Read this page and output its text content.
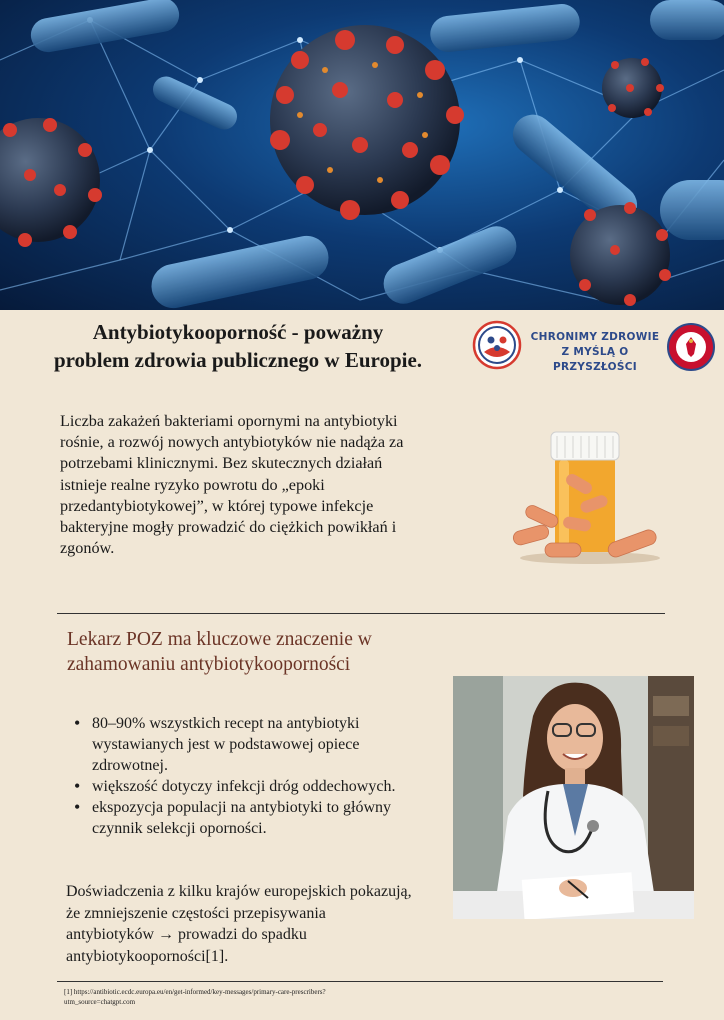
Antybiotykooporność - poważny
problem zdrowia publicznego w Europie.
CHRONIMY ZDROWIE
Z MYŚLĄ O PRZYSZŁOŚCI
Liczba zakażeń bakteriami opornymi na antybiotyki rośnie, a rozwój nowych antybiotyków nie nadąża za potrzebami klinicznymi. Bez skutecznych działań istnieje realne ryzyko powrotu do „epoki przedantybiotykowej”, w której typowe infekcje bakteryjne mogły prowadzić do ciężkich powikłań i zgonów.
Lekarz POZ ma kluczowe znaczenie w zahamowaniu antybiotykooporności
• 80–90% wszystkich recept na antybiotyki wystawianych jest w podstawowej opiece zdrowotnej.
• większość dotyczy infekcji dróg oddechowych.
• ekspozycja populacji na antybiotyki to główny czynnik selekcji oporności.
Doświadczenia z kilku krajów europejskich pokazują, że zmniejszenie częstości przepisywania antybiotyków → prowadzi do spadku antybiotykooporności[1].
[1] https://antibiotic.ecdc.europa.eu/en/get-informed/key-messages/primary-care-prescribers?utm_source=chatgpt.com
